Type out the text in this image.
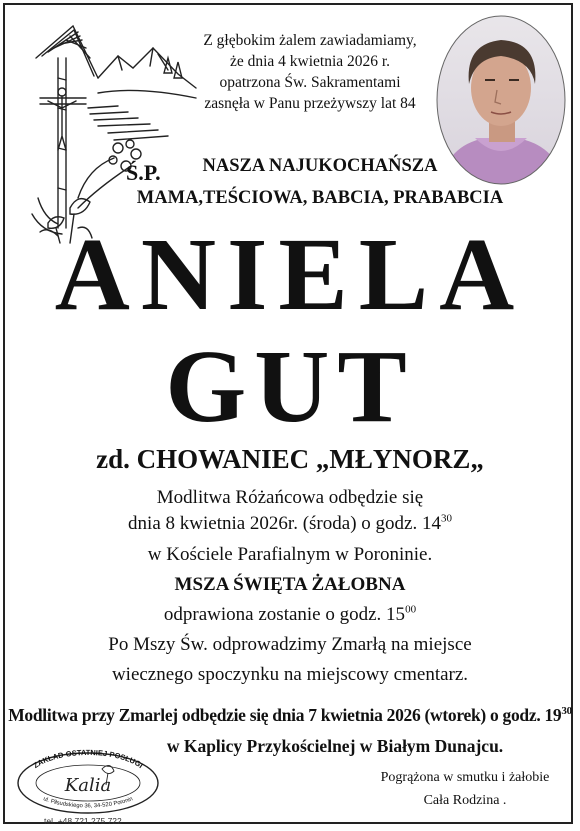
Z głębokim żalem zawiadamiamy,
że dnia 4 kwietnia 2026 r.
opatrzona Św. Sakramentami
zasnęła w Panu przeżywszy lat 84
Ś.P.	NASZA NAJUKOCHAŃSZA
MAMA,TEŚCIOWA, BABCIA, PRABABCIA
ANIELA
GUT
zd. CHOWANIEC „MŁYNORZ„
Modlitwa Różańcowa odbędzie się
dnia 8 kwietnia 2026r. (środa) o godz. $14^{30}$
w Kościele Parafialnym w Poroninie.
MSZA ŚWIĘTA ŻAŁOBNA
odprawiona zostanie o godz. $15^{00}$
Po Mszy Św. odprowadzimy Zmarłą na miejsce
wiecznego spoczynku na miejscowy cmentarz.
Modlitwa przy Zmarlej odbędzie się dnia 7 kwietnia 2026 (wtorek) o godz. $19^{30}$
w Kaplicy Przykościelnej w Białym Dunajcu.
Pogrążona w smutku i żałobie
Cała Rodzina .
ZAKŁAD OSTATNIEJ POSŁUGI
Kalia
ul. Piłsudskiego 36, 34-520 Poronin
tel. +48 721 275 722
